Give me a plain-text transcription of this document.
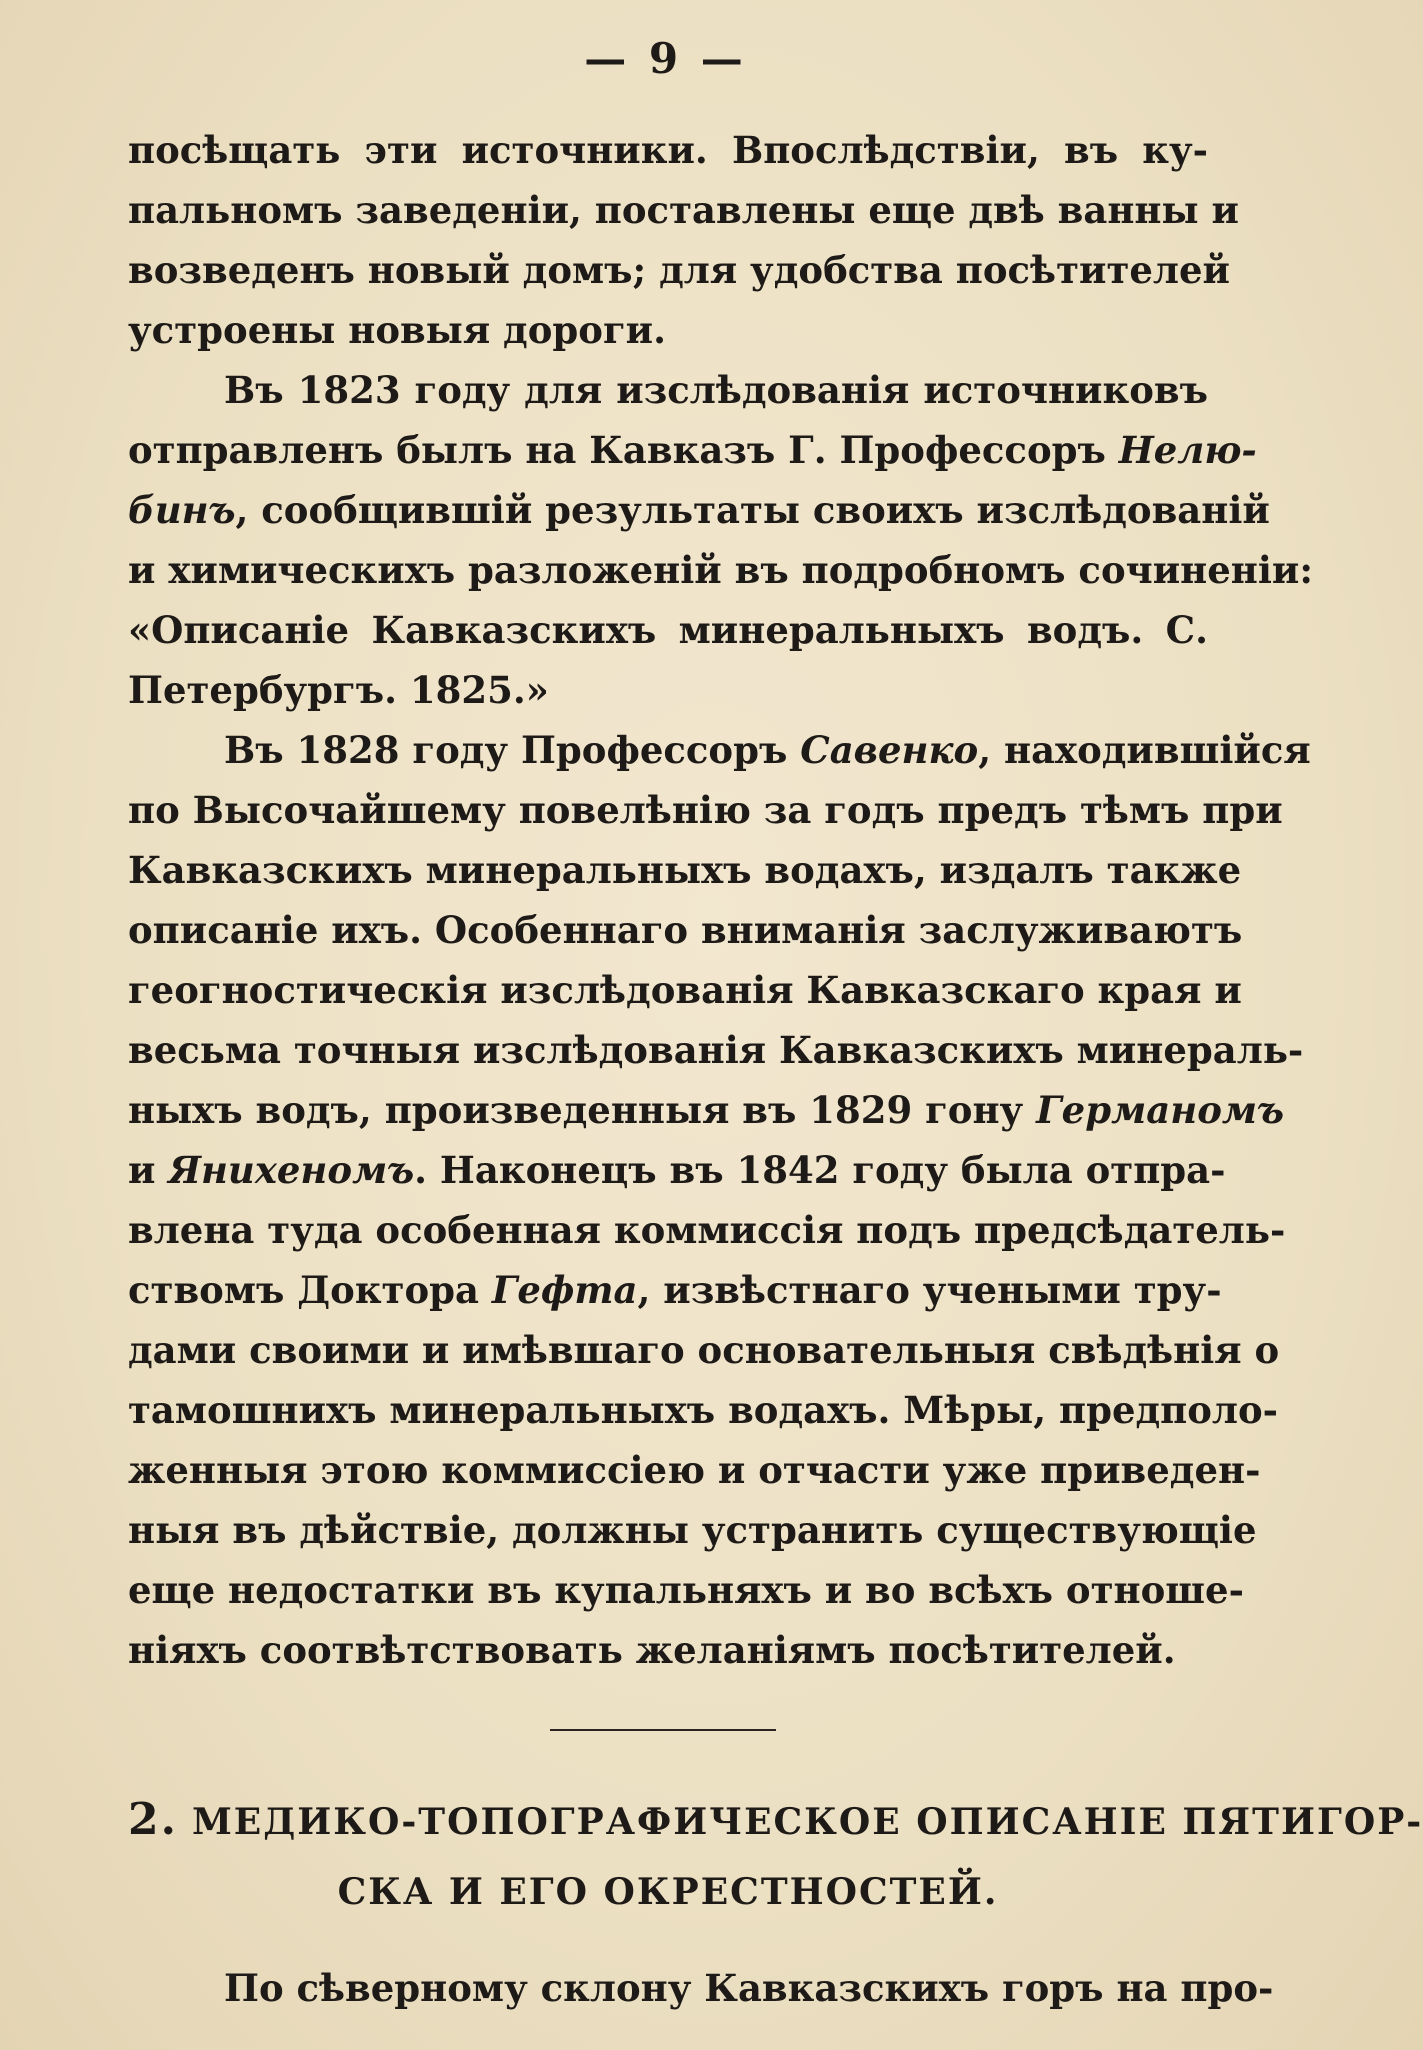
— 9 —
посѣщать эти источники. Впослѣдствіи, въ ку-
пальномъ заведеніи, поставлены еще двѣ ванны и
возведенъ новый домъ; для удобства посѣтителей
устроены новыя дороги.
Въ 1823 году для изслѣдованія источниковъ
отправленъ былъ на Кавказъ Г. Профессоръ Нелю-
бинъ, сообщившій результаты своихъ изслѣдованій
и химическихъ разложеній въ подробномъ сочиненіи:
«Описаніе Кавказскихъ минеральныхъ водъ. С.
Петербургъ. 1825.»
Въ 1828 году Профессоръ Савенко, находившійся
по Высочайшему повелѣнію за годъ предъ тѣмъ при
Кавказскихъ минеральныхъ водахъ, издалъ также
описаніе ихъ. Особеннаго вниманія заслуживаютъ
геогностическія изслѣдованія Кавказскаго края и
весьма точныя изслѣдованія Кавказскихъ минераль-
ныхъ водъ, произведенныя въ 1829 гону Германомъ
и Янихеномъ. Наконецъ въ 1842 году была отпра-
влена туда особенная коммиссія подъ предсѣдатель-
ствомъ Доктора Гефта, извѣстнаго учеными тру-
дами своими и имѣвшаго основательныя свѣдѣнія о
тамошнихъ минеральныхъ водахъ. Мѣры, предполо-
женныя этою коммиссіею и отчасти уже приведен-
ныя въ дѣйствіе, должны устранить существующіе
еще недостатки въ купальняхъ и во всѣхъ отноше-
ніяхъ соотвѣтствовать желаніямъ посѣтителей.
2. МЕДИКО-ТОПОГРАФИЧЕСКОЕ ОПИСАНІЕ ПЯТИГОР-
СКА И ЕГО ОКРЕСТНОСТЕЙ.
По сѣверному склону Кавказскихъ горъ на про-
